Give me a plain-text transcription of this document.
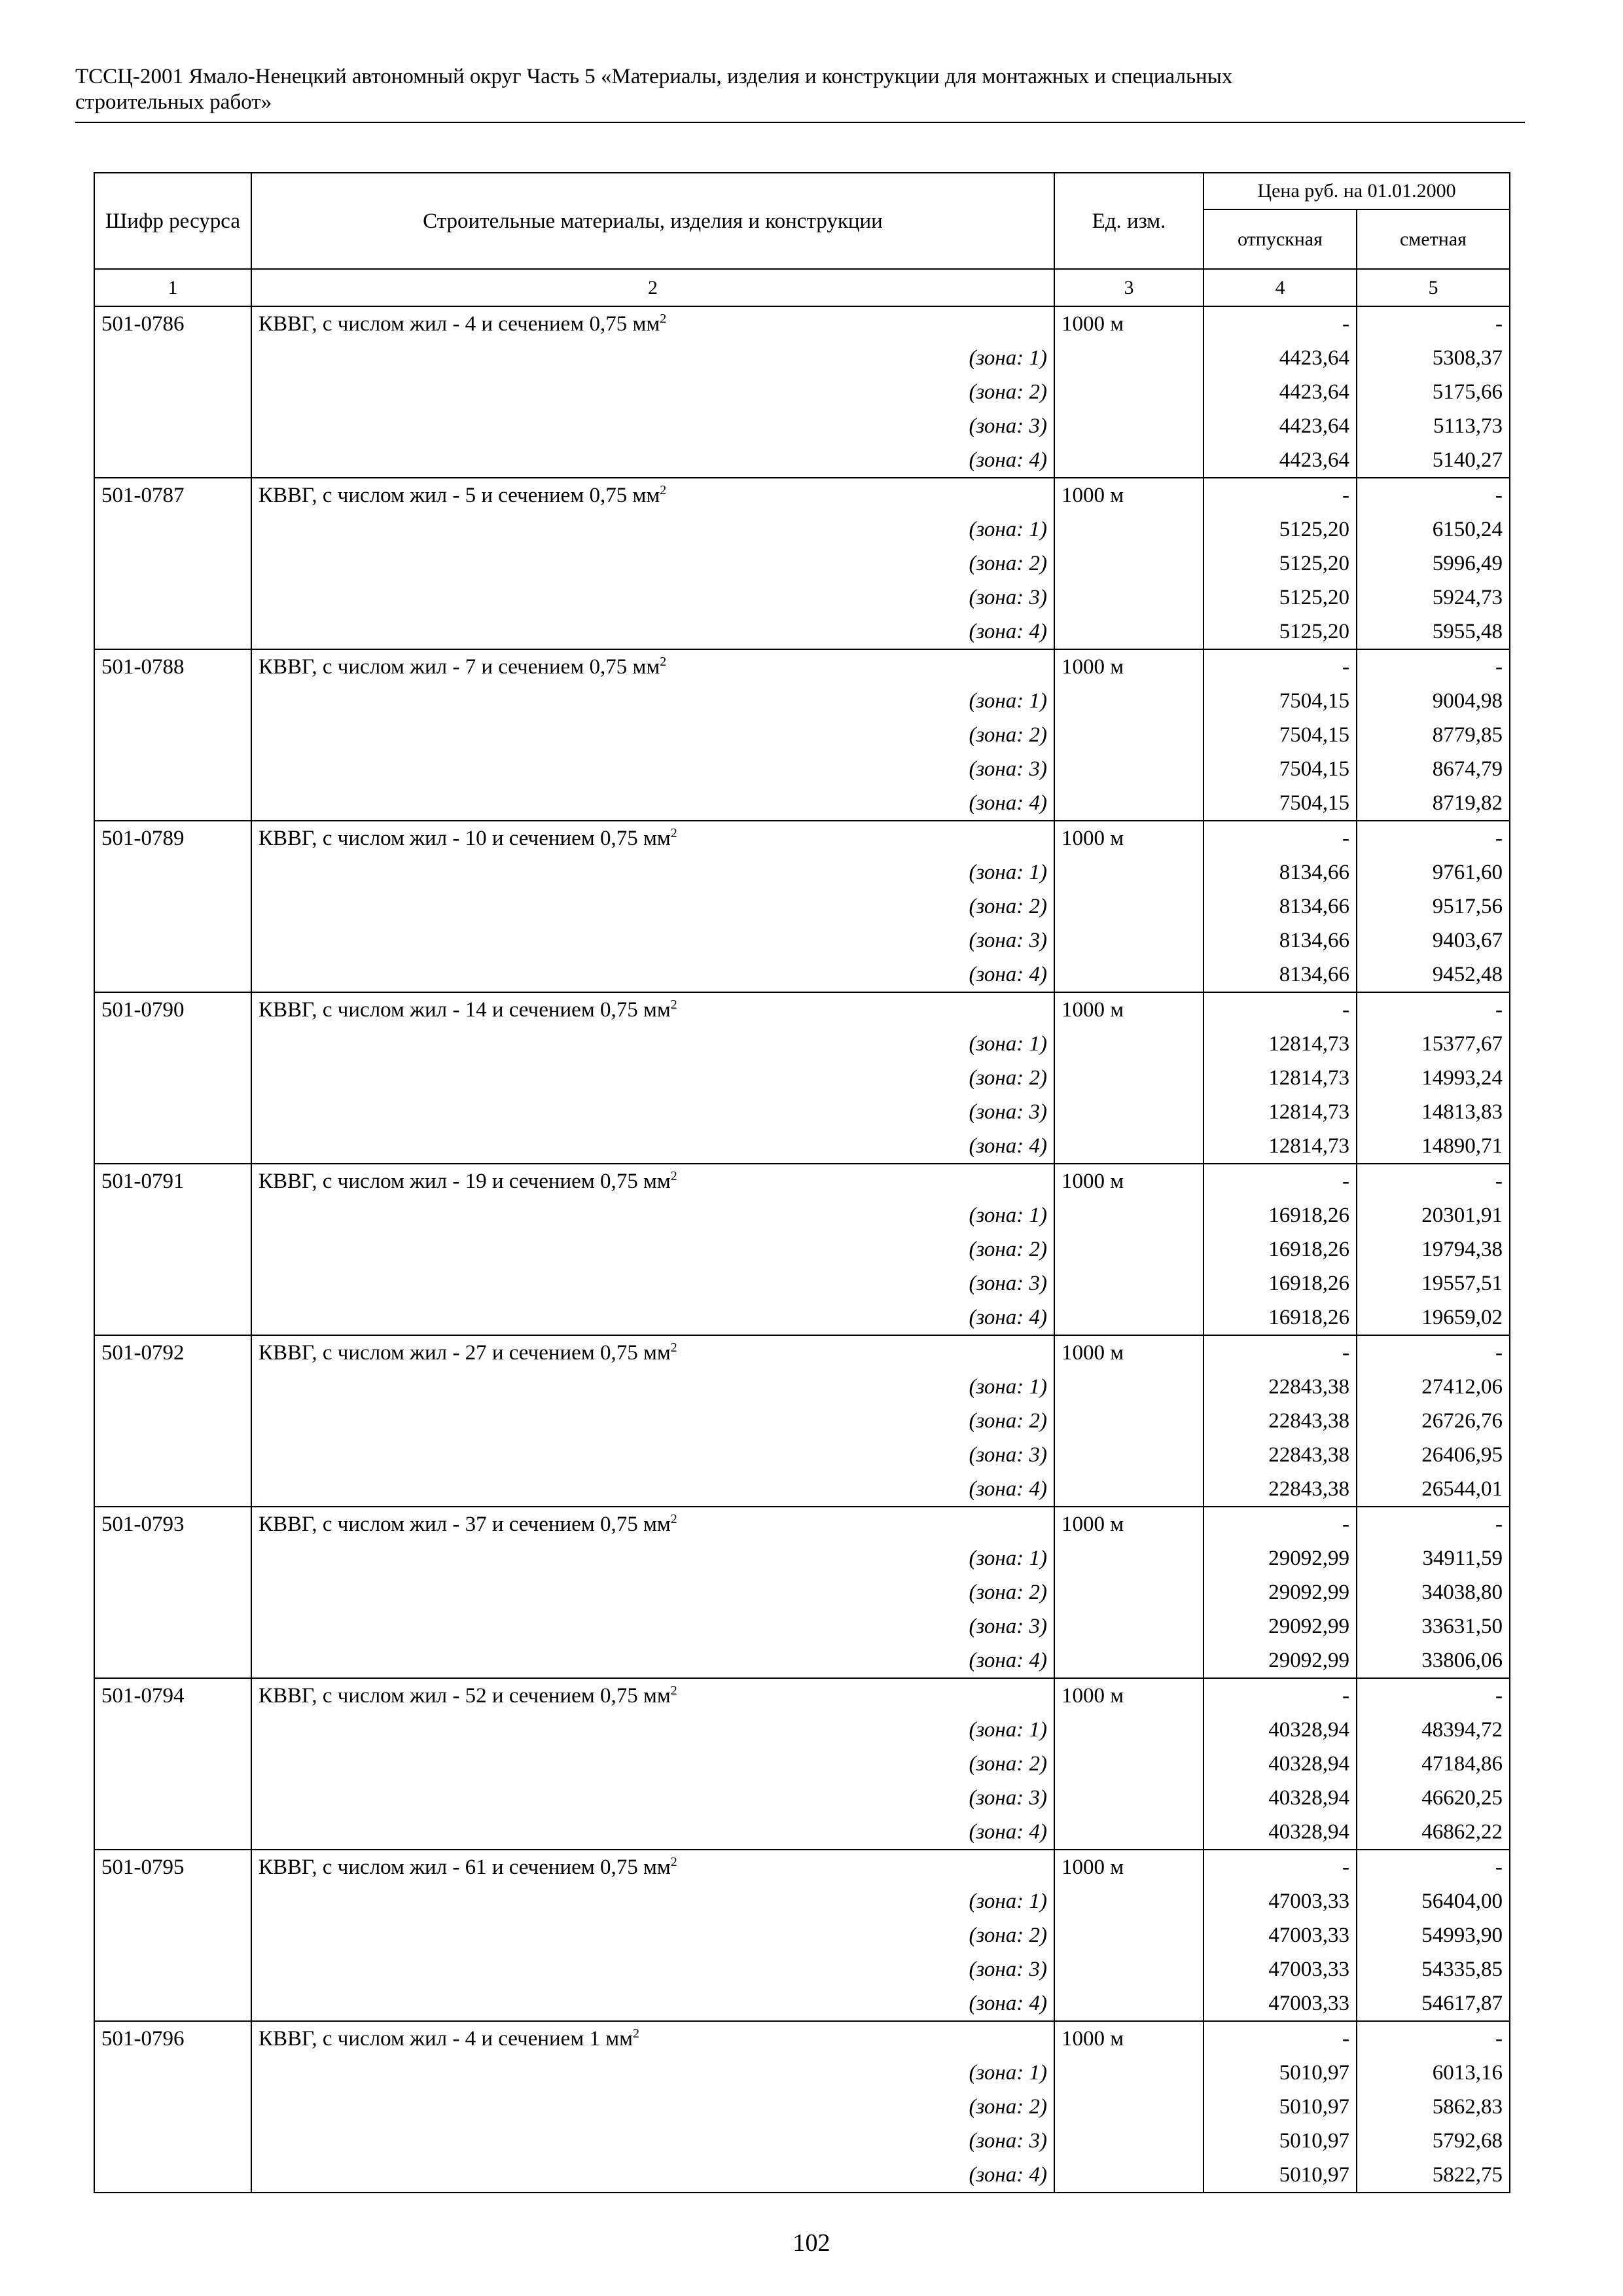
ТССЦ-2001 Ямало-Ненецкий автономный округ Часть 5 «Материалы, изделия и конструкции для монтажных и специальных
строительных работ»
Шифр ресурса	Строительные материалы, изделия и конструкции	Ед. изм.	Цена руб. на 01.01.2000	
			отпускная	сметная
1	2	3	4	5
501-0786	КВВГ, с числом жил - 4 и сечением 0,75 $мм^2$	1000 м	-	-
	(зона: 1)		4423,64	5308,37
	(зона: 2)		4423,64	5175,66
	(зона: 3)		4423,64	5113,73
	(зона: 4)		4423,64	5140,27
501-0787	КВВГ, с числом жил - 5 и сечением 0,75 $мм^2$	1000 м	-	-
	(зона: 1)		5125,20	6150,24
	(зона: 2)		5125,20	5996,49
	(зона: 3)		5125,20	5924,73
	(зона: 4)		5125,20	5955,48
501-0788	КВВГ, с числом жил - 7 и сечением 0,75 $мм^2$	1000 м	-	-
	(зона: 1)		7504,15	9004,98
	(зона: 2)		7504,15	8779,85
	(зона: 3)		7504,15	8674,79
	(зона: 4)		7504,15	8719,82
501-0789	КВВГ, с числом жил - 10 и сечением 0,75 $мм^2$	1000 м	-	-
	(зона: 1)		8134,66	9761,60
	(зона: 2)		8134,66	9517,56
	(зона: 3)		8134,66	9403,67
	(зона: 4)		8134,66	9452,48
501-0790	КВВГ, с числом жил - 14 и сечением 0,75 $мм^2$	1000 м	-	-
	(зона: 1)		12814,73	15377,67
	(зона: 2)		12814,73	14993,24
	(зона: 3)		12814,73	14813,83
	(зона: 4)		12814,73	14890,71
501-0791	КВВГ, с числом жил - 19 и сечением 0,75 $мм^2$	1000 м	-	-
	(зона: 1)		16918,26	20301,91
	(зона: 2)		16918,26	19794,38
	(зона: 3)		16918,26	19557,51
	(зона: 4)		16918,26	19659,02
501-0792	КВВГ, с числом жил - 27 и сечением 0,75 $мм^2$	1000 м	-	-
	(зона: 1)		22843,38	27412,06
	(зона: 2)		22843,38	26726,76
	(зона: 3)		22843,38	26406,95
	(зона: 4)		22843,38	26544,01
501-0793	КВВГ, с числом жил - 37 и сечением 0,75 $мм^2$	1000 м	-	-
	(зона: 1)		29092,99	34911,59
	(зона: 2)		29092,99	34038,80
	(зона: 3)		29092,99	33631,50
	(зона: 4)		29092,99	33806,06
501-0794	КВВГ, с числом жил - 52 и сечением 0,75 $мм^2$	1000 м	-	-
	(зона: 1)		40328,94	48394,72
	(зона: 2)		40328,94	47184,86
	(зона: 3)		40328,94	46620,25
	(зона: 4)		40328,94	46862,22
501-0795	КВВГ, с числом жил - 61 и сечением 0,75 $мм^2$	1000 м	-	-
	(зона: 1)		47003,33	56404,00
	(зона: 2)		47003,33	54993,90
	(зона: 3)		47003,33	54335,85
	(зона: 4)		47003,33	54617,87
501-0796	КВВГ, с числом жил - 4 и сечением 1 $мм^2$	1000 м	-	-
	(зона: 1)		5010,97	6013,16
	(зона: 2)		5010,97	5862,83
	(зона: 3)		5010,97	5792,68
	(зона: 4)		5010,97	5822,75
102
